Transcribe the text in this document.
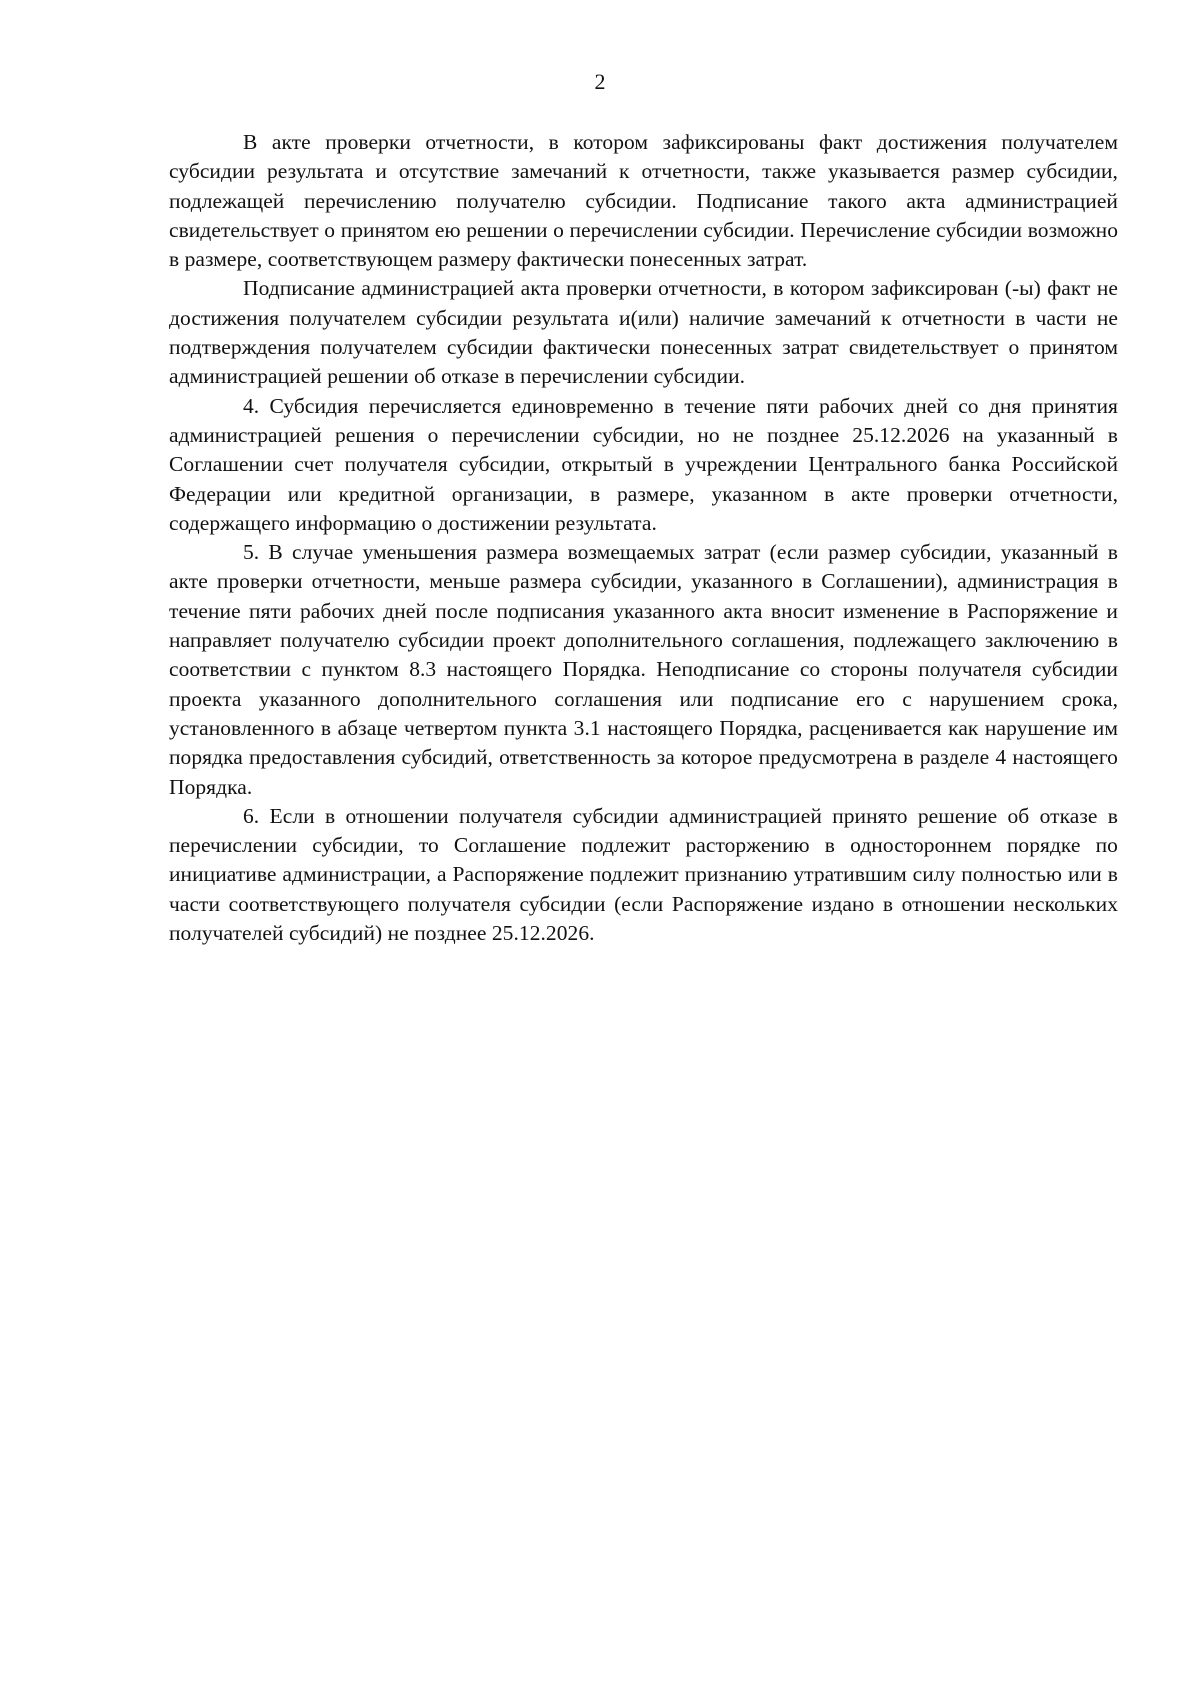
2

В акте проверки отчетности, в котором зафиксированы факт достижения получателем субсидии результата и отсутствие замечаний к отчетности, также указывается размер субсидии, подлежащей перечислению получателю субсидии. Подписание такого акта администрацией свидетельствует о принятом ею решении о перечислении субсидии. Перечисление субсидии возможно в размере, соответствующем размеру фактически понесенных затрат.

Подписание администрацией акта проверки отчетности, в котором зафиксирован (-ы) факт не достижения получателем субсидии результата и(или) наличие замечаний к отчетности в части не подтверждения получателем субсидии фактически понесенных затрат свидетельствует о принятом администрацией решении об отказе в перечислении субсидии.

4. Субсидия перечисляется единовременно в течение пяти рабочих дней со дня принятия администрацией решения о перечислении субсидии, но не позднее 25.12.2026 на указанный в Соглашении счет получателя субсидии, открытый в учреждении Центрального банка Российской Федерации или кредитной организации, в размере, указанном в акте проверки отчетности, содержащего информацию о достижении результата.

5. В случае уменьшения размера возмещаемых затрат (если размер субсидии, указанный в акте проверки отчетности, меньше размера субсидии, указанного в Соглашении), администрация в течение пяти рабочих дней после подписания указанного акта вносит изменение в Распоряжение и направляет получателю субсидии проект дополнительного соглашения, подлежащего заключению в соответствии с пунктом 8.3 настоящего Порядка. Неподписание со стороны получателя субсидии проекта указанного дополнительного соглашения или подписание его с нарушением срока, установленного в абзаце четвертом пункта 3.1 настоящего Порядка, расценивается как нарушение им порядка предоставления субсидий, ответственность за которое предусмотрена в разделе 4 настоящего Порядка.

6. Если в отношении получателя субсидии администрацией принято решение об отказе в перечислении субсидии, то Соглашение подлежит расторжению в одностороннем порядке по инициативе администрации, а Распоряжение подлежит признанию утратившим силу полностью или в части соответствующего получателя субсидии (если Распоряжение издано в отношении нескольких получателей субсидий) не позднее 25.12.2026.
